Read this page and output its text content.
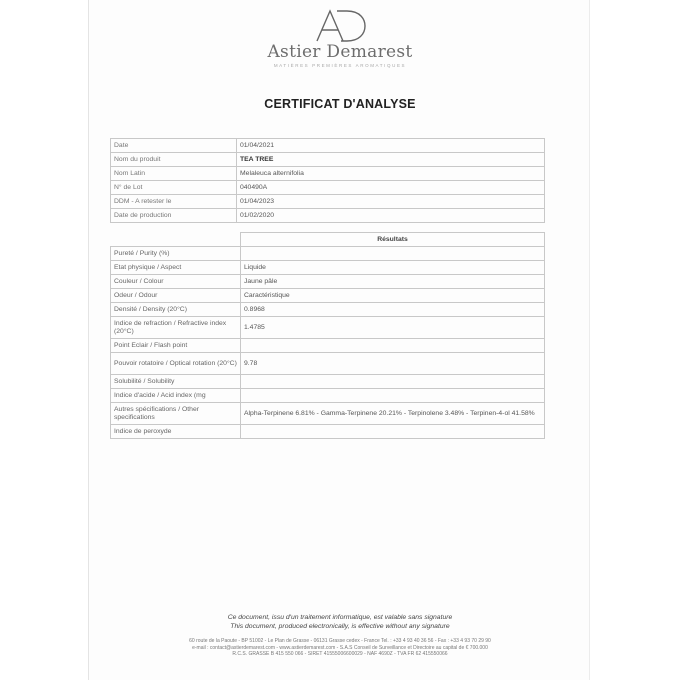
Astier Demarest
MATIÈRES PREMIÈRES AROMATIQUES
CERTIFICAT D'ANALYSE
Date	01/04/2021
Nom du produit	TEA TREE
Nom Latin	Melaleuca alternifolia
N° de Lot	040490A
DDM - A retester le	01/04/2023
Date de production	01/02/2020
	Résultats
Pureté / Purity (%)	
Etat physique / Aspect	Liquide
Couleur / Colour	Jaune pâle
Odeur / Odour	Caractéristique
Densité / Density (20°C)	0.8968
Indice de refraction / Refractive index (20°C)	1.4785
Point Eclair / Flash point	
Pouvoir rotatoire / Optical rotation (20°C)	9.78
Solubilité / Solubility	
Indice d'acide / Acid index (mg	
Autres spécifications / Other specifications	Alpha-Terpinene 6.81% - Gamma-Terpinene 20.21% - Terpinolene 3.48% - Terpinen-4-ol 41.58%
Indice de peroxyde	
Ce document, issu d'un traitement informatique, est valable sans signature
This document, produced electronically, is effective without any signature
60 route de la Paoute - BP 51002 - Le Plan de Grasse - 06131 Grasse cedex - France Tel. : +33 4 93 40 36 56 - Fax : +33 4 93 70 29 90
e-mail : contact@astierdemarest.com - www.astierdemarest.com - S.A.S Conseil de Surveillance et Directoire au capital de € 700.000
R.C.S. GRASSE B 415 550 066 - SIRET 41555006600029 - NAF 4690Z - TVA FR 62 415550066
